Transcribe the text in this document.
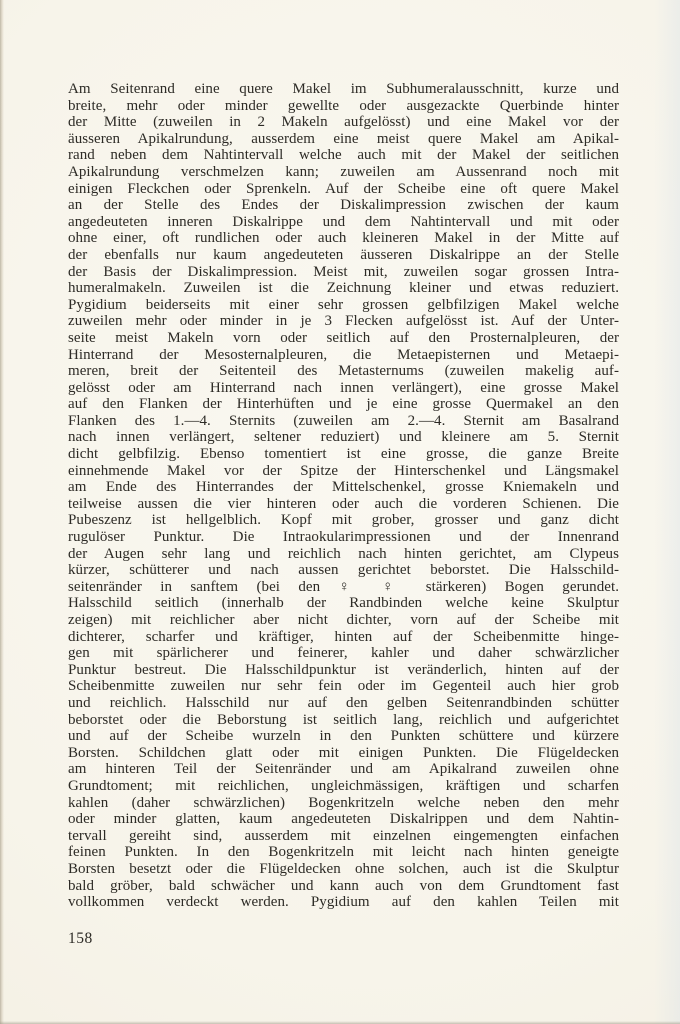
Am Seitenrand eine quere Makel im Subhumeralausschnitt, kurze und
breite, mehr oder minder gewellte oder ausgezackte Querbinde hinter
der Mitte (zuweilen in 2 Makeln aufgelösst) und eine Makel vor der
äusseren Apikalrundung, ausserdem eine meist quere Makel am Apikal-
rand neben dem Nahtintervall welche auch mit der Makel der seitlichen
Apikalrundung verschmelzen kann; zuweilen am Aussenrand noch mit
einigen Fleckchen oder Sprenkeln. Auf der Scheibe eine oft quere Makel
an der Stelle des Endes der Diskalimpression zwischen der kaum
angedeuteten inneren Diskalrippe und dem Nahtintervall und mit oder
ohne einer, oft rundlichen oder auch kleineren Makel in der Mitte auf
der ebenfalls nur kaum angedeuteten äusseren Diskalrippe an der Stelle
der Basis der Diskalimpression. Meist mit, zuweilen sogar grossen Intra-
humeralmakeln. Zuweilen ist die Zeichnung kleiner und etwas reduziert.
Pygidium beiderseits mit einer sehr grossen gelbfilzigen Makel welche
zuweilen mehr oder minder in je 3 Flecken aufgelösst ist. Auf der Unter-
seite meist Makeln vorn oder seitlich auf den Prosternalpleuren, der
Hinterrand der Mesosternalpleuren, die Metaepisternen und Metaepi-
meren, breit der Seitenteil des Metasternums (zuweilen makelig auf-
gelösst oder am Hinterrand nach innen verlängert), eine grosse Makel
auf den Flanken der Hinterhüften und je eine grosse Quermakel an den
Flanken des 1.—4. Sternits (zuweilen am 2.—4. Sternit am Basalrand
nach innen verlängert, seltener reduziert) und kleinere am 5. Sternit
dicht gelbfilzig. Ebenso tomentiert ist eine grosse, die ganze Breite
einnehmende Makel vor der Spitze der Hinterschenkel und Längsmakel
am Ende des Hinterrandes der Mittelschenkel, grosse Kniemakeln und
teilweise aussen die vier hinteren oder auch die vorderen Schienen. Die
Pubeszenz ist hellgelblich. Kopf mit grober, grosser und ganz dicht
rugulöser Punktur. Die Intraokularimpressionen und der Innenrand
der Augen sehr lang und reichlich nach hinten gerichtet, am Clypeus
kürzer, schütterer und nach aussen gerichtet beborstet. Die Halsschild-
seitenränder in sanftem (bei den ♀ ♀ stärkeren) Bogen gerundet.
Halsschild seitlich (innerhalb der Randbinden welche keine Skulptur
zeigen) mit reichlicher aber nicht dichter, vorn auf der Scheibe mit
dichterer, scharfer und kräftiger, hinten auf der Scheibenmitte hinge-
gen mit spärlicherer und feinerer, kahler und daher schwärzlicher
Punktur bestreut. Die Halsschildpunktur ist veränderlich, hinten auf der
Scheibenmitte zuweilen nur sehr fein oder im Gegenteil auch hier grob
und reichlich. Halsschild nur auf den gelben Seitenrandbinden schütter
beborstet oder die Beborstung ist seitlich lang, reichlich und aufgerichtet
und auf der Scheibe wurzeln in den Punkten schüttere und kürzere
Borsten. Schildchen glatt oder mit einigen Punkten. Die Flügeldecken
am hinteren Teil der Seitenränder und am Apikalrand zuweilen ohne
Grundtoment; mit reichlichen, ungleichmässigen, kräftigen und scharfen
kahlen (daher schwärzlichen) Bogenkritzeln welche neben den mehr
oder minder glatten, kaum angedeuteten Diskalrippen und dem Nahtin-
tervall gereiht sind, ausserdem mit einzelnen eingemengten einfachen
feinen Punkten. In den Bogenkritzeln mit leicht nach hinten geneigte
Borsten besetzt oder die Flügeldecken ohne solchen, auch ist die Skulptur
bald gröber, bald schwächer und kann auch von dem Grundtoment fast
vollkommen verdeckt werden. Pygidium auf den kahlen Teilen mit
158
